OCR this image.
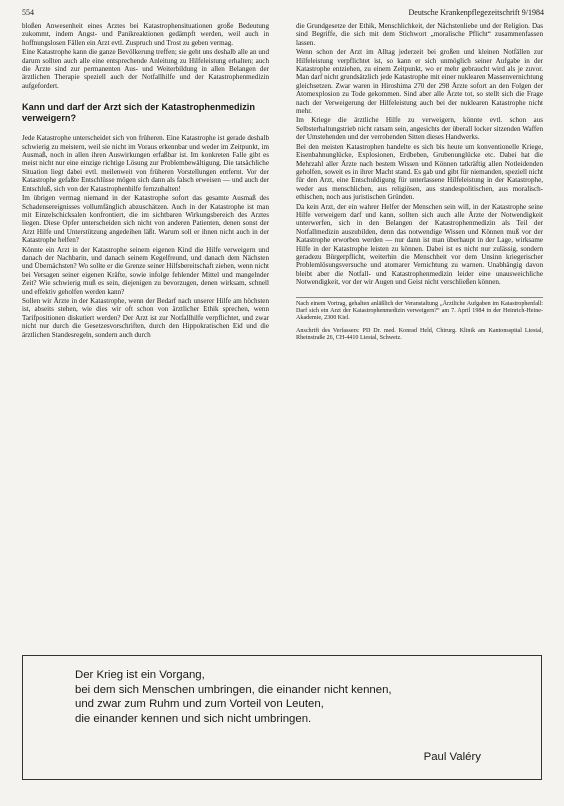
554	Deutsche Krankenpflegezeitschrift 9/1984

bloßen Anwesenheit eines Arztes bei Katastrophensituationen große Bedeutung zukommt, indem Angst- und Panikreaktionen gedämpft werden, weil auch in hoffnungslosen Fällen ein Arzt evtl. Zuspruch und Trost zu geben vermag.

Eine Katastrophe kann die ganze Bevölkerung treffen; sie geht uns deshalb alle an und darum sollten auch alle eine entsprechende Anleitung zu Hilfeleistung erhalten; auch die Ärzte sind zur permanenten Aus- und Weiterbildung in allen Belangen der ärztlichen Therapie speziell auch der Notfallhilfe und der Katastrophenmedizin aufgefordert.

Kann und darf der Arzt sich der Katastrophenmedizin verweigern?

Jede Katastrophe unterscheidet sich von früheren. Eine Katastrophe ist gerade deshalb schwierig zu meistern, weil sie nicht im Voraus erkennbar und weder im Zeitpunkt, im Ausmaß, noch in allen ihren Auswirkungen erfaßbar ist. Im konkreten Falle gibt es meist nicht nur eine einzige richtige Lösung zur Problembewältigung. Die tatsächliche Situation liegt dabei evtl. meilenweit von früheren Vorstellungen entfernt. Vor der Katastrophe gefaßte Entschlüsse mögen sich dann als falsch erweisen — und auch der Entschluß, sich von der Katastrophenhilfe fernzuhalten!

Im übrigen vermag niemand in der Katastrophe sofort das gesamte Ausmaß des Schadensereignisses vollumfänglich abzuschätzen. Auch in der Katastrophe ist man mit Einzelschicksalen konfrontiert, die im sichtbaren Wirkungsbereich des Arztes liegen. Diese Opfer unterscheiden sich nicht von anderen Patienten, denen sonst der Arzt Hilfe und Unterstützung angedeihen läßt. Warum soll er ihnen nicht auch in der Katastrophe helfen?

Könnte ein Arzt in der Katastrophe seinem eigenen Kind die Hilfe verweigern und danach der Nachbarin, und danach seinem Kegelfreund, und danach dem Nächsten und Übernächsten? Wo sollte er die Grenze seiner Hilfsbereitschaft ziehen, wenn nicht bei Versagen seiner eigenen Kräfte, sowie infolge fehlender Mittel und mangelnder Zeit? Wie schwierig muß es sein, diejenigen zu bevorzugen, denen wirksam, schnell und effektiv geholfen werden kann?

Sollen wir Ärzte in der Katastrophe, wenn der Bedarf nach unserer Hilfe am höchsten ist, abseits stehen, wie dies wir oft schon von ärztlicher Ethik sprechen, wenn Tarifpositionen diskutiert werden? Der Arzt ist zur Notfallhilfe verpflichtet, und zwar nicht nur durch die Gesetzesvorschriften, durch den Hippokratischen Eid und die ärztlichen Standesregeln, sondern auch durch

die Grundgesetze der Ethik, Menschlichkeit, der Nächstenliebe und der Religion. Das sind Begriffe, die sich mit dem Stichwort „moralische Pflicht“ zusammenfassen lassen.

Wenn schon der Arzt im Alltag jederzeit bei großen und kleinen Notfällen zur Hilfeleistung verpflichtet ist, so kann er sich unmöglich seiner Aufgabe in der Katastrophe entziehen, zu einem Zeitpunkt, wo er mehr gebraucht wird als je zuvor. Man darf nicht grundsätzlich jede Katastrophe mit einer nuklearen Massenvernichtung gleichsetzen. Zwar waren in Hiroshima 270 der 298 Ärzte sofort an den Folgen der Atomexplosion zu Tode gekommen. Sind aber alle Ärzte tot, so stellt sich die Frage nach der Verweigerung der Hilfeleistung auch bei der nuklearen Katastrophe nicht mehr.

Im Kriege die ärztliche Hilfe zu verweigern, könnte evtl. schon aus Selbsterhaltungstrieb nicht ratsam sein, angesichts der überall locker sitzenden Waffen der Umstehenden und der verrohenden Sitten dieses Handwerks.

Bei den meisten Katastrophen handelte es sich bis heute um konventionelle Kriege, Eisenbahnunglücke, Explosionen, Erdbeben, Grubenunglücke etc. Dabei hat die Mehrzahl aller Ärzte nach bestem Wissen und Können tatkräftig allen Notleidenden geholfen, soweit es in ihrer Macht stand. Es gab und gibt für niemanden, speziell nicht für den Arzt, eine Entschuldigung für unterlassene Hilfeleistung in der Katastrophe, weder aus menschlichen, aus religiösen, aus standespolitischen, aus moralisch-ethischen, noch aus juristischen Gründen.

Da kein Arzt, der ein wahrer Helfer der Menschen sein will, in der Katastrophe seine Hilfe verweigern darf und kann, sollten sich auch alle Ärzte der Notwendigkeit unterwerfen, sich in den Belangen der Katastrophenmedizin als Teil der Notfallmedizin auszubilden, denn das notwendige Wissen und Können muß vor der Katastrophe erworben werden — nur dann ist man überhaupt in der Lage, wirksame Hilfe in der Katastrophe leisten zu können. Dabei ist es nicht nur zulässig, sondern geradezu Bürgerpflicht, weiterhin die Menschheit vor dem Unsinn kriegerischer Problemlösungsversuche und atomarer Vernichtung zu warnen. Unabhängig davon bleibt aber die Notfall- und Katastrophenmedizin leider eine unausweichliche Notwendigkeit, vor der wir Augen und Geist nicht verschließen können.

Nach einem Vortrag, gehalten anläßlich der Veranstaltung „Ärztliche Aufgaben im Katastrophenfall: Darf sich ein Arzt der Katastrophenmedizin verweigern?“ am 7. April 1984 in der Heinrich-Heine-Akademie, 2300 Kiel.

Anschrift des Verfassers: PD Dr. med. Konrad Held, Chirurg. Klinik am Kantonsspital Liestal, Rheinstraße 26, CH-4410 Liestal, Schweiz.

Der Krieg ist ein Vorgang,

bei dem sich Menschen umbringen, die einander nicht kennen,

und zwar zum Ruhm und zum Vorteil von Leuten,

die einander kennen und sich nicht umbringen.

Paul Valéry
